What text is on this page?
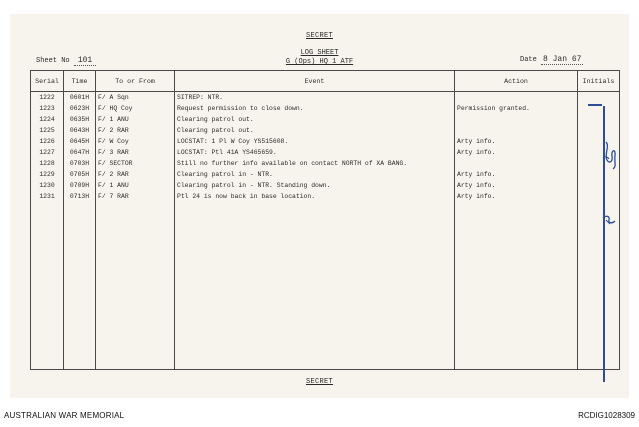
SECRET
Sheet No 101
LOG SHEET
G (Ops) HQ 1 ATF	Date 8 Jan 67
Serial	Time	To or From	Event	Action	Initials
1222	0601H	F/ A Sqn	SITREP: NTR.		
1223	0623H	F/ HQ Coy	Request permission to close down.	Permission granted.	
1224	0635H	F/ 1 ANU	Clearing patrol out.		
1225	0643H	F/ 2 RAR	Clearing patrol out.		
1226	0645H	F/ W Coy	LOCSTAT: 1 Pl W Coy YS515608.	Arty info.	
1227	0647H	F/ 3 RAR	LOCSTAT: Ptl 41A YS465659.	Arty info.	
1228	0703H	F/ SECTOR	Still no further info available on contact NORTH of XA BANG.		
1229	0705H	F/ 2 RAR	Clearing patrol in - NTR.	Arty info.	
1230	0709H	F/ 1 ANU	Clearing patrol in - NTR. Standing down.	Arty info.	
1231	0713H	F/ 7 RAR	Ptl 24 is now back in base location.	Arty info.	

SECRET
AUSTRALIAN WAR MEMORIAL	RCDIG1028309
